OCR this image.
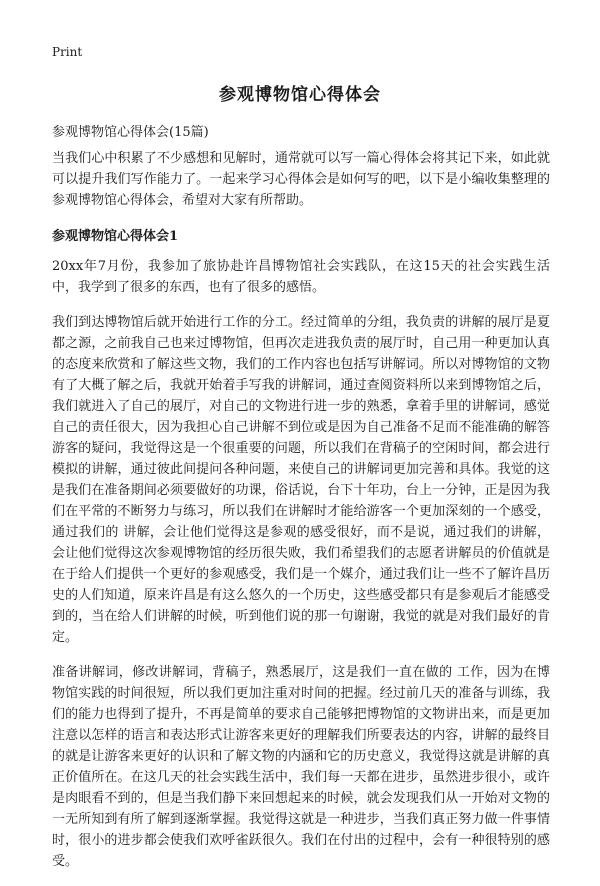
Print
参观博物馆心得体会
参观博物馆心得体会(15篇)

当我们心中积累了不少感想和见解时，通常就可以写一篇心得体会将其记下来，如此就可以提升我们写作能力了。一起来学习心得体会是如何写的吧，以下是小编收集整理的参观博物馆心得体会，希望对大家有所帮助。

参观博物馆心得体会1

20xx年7月份，我参加了旅协赴许昌博物馆社会实践队，在这15天的社会实践生活中，我学到了很多的东西，也有了很多的感悟。

我们到达博物馆后就开始进行工作的分工。经过简单的分组，我负责的讲解的展厅是夏都之源，之前我自己也来过博物馆，但再次走进我负责的展厅时，自己用一种更加认真的态度来欣赏和了解这些文物，我们的工作内容也包括写讲解词。所以对博物馆的文物有了大概了解之后，我就开始着手写我的讲解词，通过查阅资料所以来到博物馆之后，我们就进入了自己的展厅，对自己的文物进行进一步的熟悉，拿着手里的讲解词，感觉自己的责任很大，因为我担心自己讲解不到位或是因为自己准备不足而不能准确的解答游客的疑问，我觉得这是一个很重要的问题，所以我们在背稿子的空闲时间，都会进行模拟的讲解，通过彼此间提问各种问题，来使自己的讲解词更加完善和具体。我觉的这是我们在准备期间必须要做好的功课，俗话说，台下十年功，台上一分钟，正是因为我们在平常的不断努力与练习，所以我们在讲解时才能给游客一个更加深刻的一个感受，通过我们的 讲解，会让他们觉得这是参观的感受很好，而不是说，通过我们的讲解，会让他们觉得这次参观博物馆的经历很失败，我们希望我们的志愿者讲解员的价值就是在于给人们提供一个更好的参观感受，我们是一个媒介，通过我们让一些不了解许昌历史的人们知道，原来许昌是有这么悠久的一个历史，这些感受都只有是参观后才能感受到的，当在给人们讲解的时候，听到他们说的那一句谢谢，我觉的就是对我们最好的肯定。

准备讲解词，修改讲解词，背稿子，熟悉展厅，这是我们一直在做的 工作，因为在博物馆实践的时间很短，所以我们更加注重对时间的把握。经过前几天的准备与训练，我们的能力也得到了提升，不再是简单的要求自己能够把博物馆的文物讲出来，而是更加注意以怎样的语言和表达形式让游客来更好的理解我们所要表达的内容，讲解的最终目的就是让游客来更好的认识和了解文物的内涵和它的历史意义，我觉得这就是讲解的真正价值所在。在这几天的社会实践生活中，我们每一天都在进步，虽然进步很小，或许是肉眼看不到的，但是当我们静下来回想起来的时候，就会发现我们从一开始对文物的一无所知到有所了解到逐渐掌握。我觉得这就是一种进步，当我们真正努力做一件事情时，很小的进步都会使我们欢呼雀跃很久。我们在付出的过程中，会有一种很特别的感受。
